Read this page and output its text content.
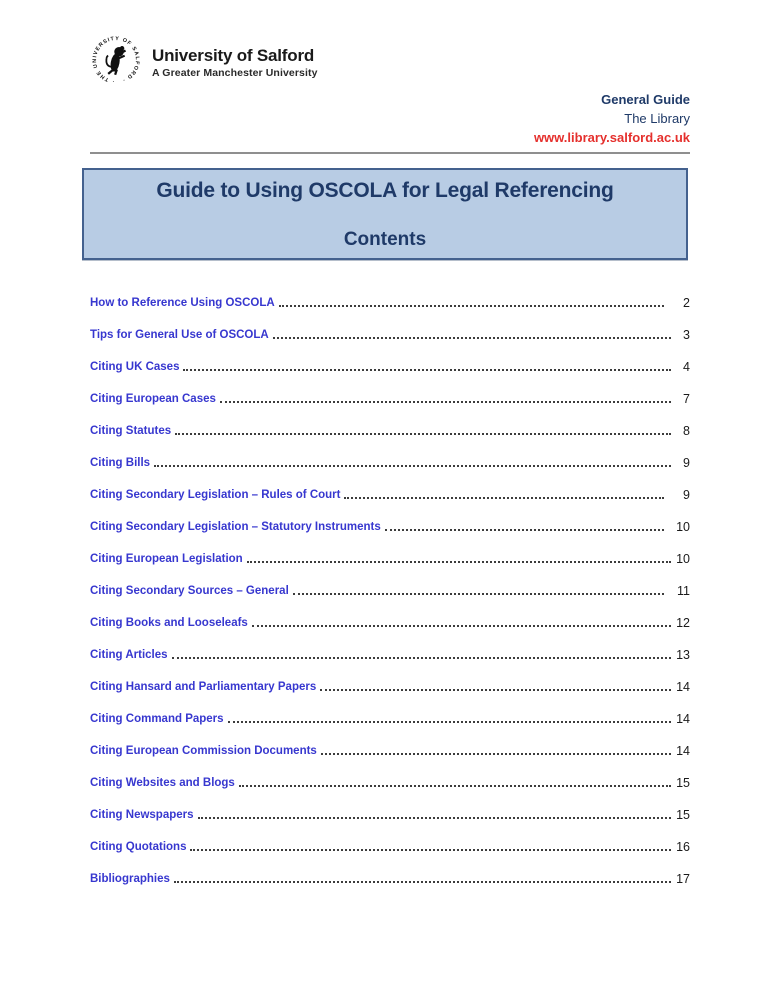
· THE UNIVERSITY OF SALFORD ·
University of Salford
A Greater Manchester University
General Guide
The Library
www.library.salford.ac.uk
Guide to Using OSCOLA for Legal Referencing
Contents
How to Reference Using OSCOLA	2
Tips for General Use of OSCOLA	3
Citing UK Cases	4
Citing European Cases	7
Citing Statutes	8
Citing Bills	9
Citing Secondary Legislation – Rules of Court	9
Citing Secondary Legislation – Statutory Instruments	10
Citing European Legislation	10
Citing Secondary Sources – General	11
Citing Books and Looseleafs	12
Citing Articles	13
Citing Hansard and Parliamentary Papers	14
Citing Command Papers	14
Citing European Commission Documents	14
Citing Websites and Blogs	15
Citing Newspapers	15
Citing Quotations	16
Bibliographies	17
